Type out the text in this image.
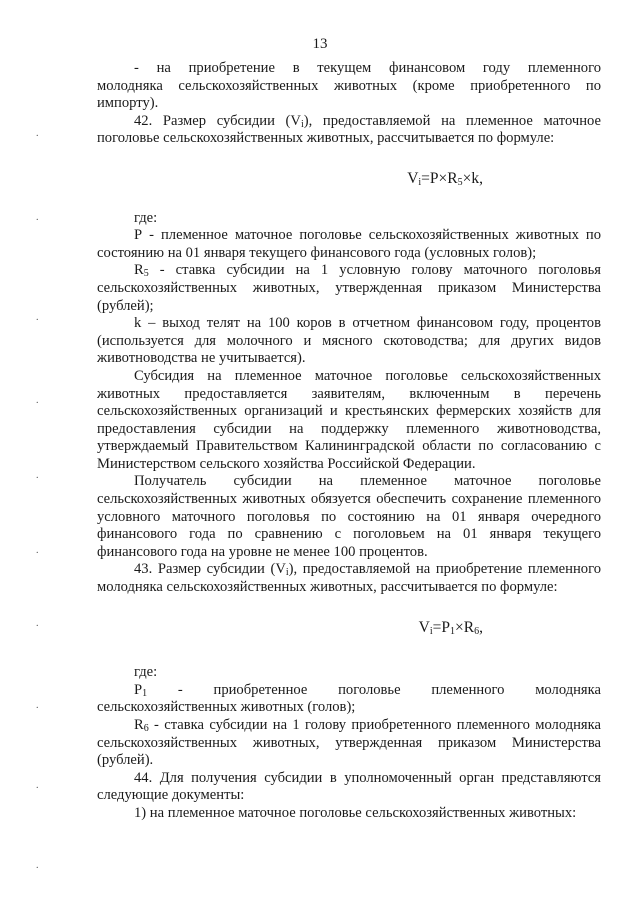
13
.
.
.
.
.
.
.
.
.
.

- на приобретение в текущем финансовом году племенного

молодняка сельскохозяйственных животных (кроме приобретенного по импорту).

42. Размер субсидии $(V_i)$, предоставляемой на племенное маточное поголовье сельскохозяйственных животных, рассчитывается по формуле:

$V_i=P\times R_5\times k$,

где:

Р - племенное маточное поголовье сельскохозяйственных животных по состоянию на 01 января текущего финансового года (условных голов);

$R_5$ - ставка субсидии на 1 условную голову маточного поголовья сельскохозяйственных животных, утвержденная приказом Министерства (рублей);

k – выход телят на 100 коров в отчетном финансовом году, процентов (используется для молочного и мясного скотоводства; для других видов животноводства не учитывается).

Субсидия на племенное маточное поголовье сельскохозяйственных животных предоставляется заявителям, включенным в перечень сельскохозяйственных организаций и крестьянских фермерских хозяйств для предоставления субсидии на поддержку племенного животноводства, утверждаемый Правительством Калининградской области по согласованию с Министерством сельского хозяйства Российской Федерации.

Получатель субсидии на племенное маточное поголовье сельскохозяйственных животных обязуется обеспечить сохранение племенного условного маточного поголовья по состоянию на 01 января очередного финансового года по сравнению с поголовьем на 01 января текущего финансового года на уровне не менее 100 процентов.

43. Размер субсидии $(V_i)$, предоставляемой на приобретение племенного молодняка сельскохозяйственных животных, рассчитывается по формуле:

$V_i=P_1\times R_6$,

где:

$Р_1$ - приобретенное поголовье племенного молодняка сельскохозяйственных животных (голов);

$R_6$ - ставка субсидии на 1 голову приобретенного племенного молодняка сельскохозяйственных животных, утвержденная приказом Министерства (рублей).

44. Для получения субсидии в уполномоченный орган представляются следующие документы:

1) на племенное маточное поголовье сельскохозяйственных животных:
